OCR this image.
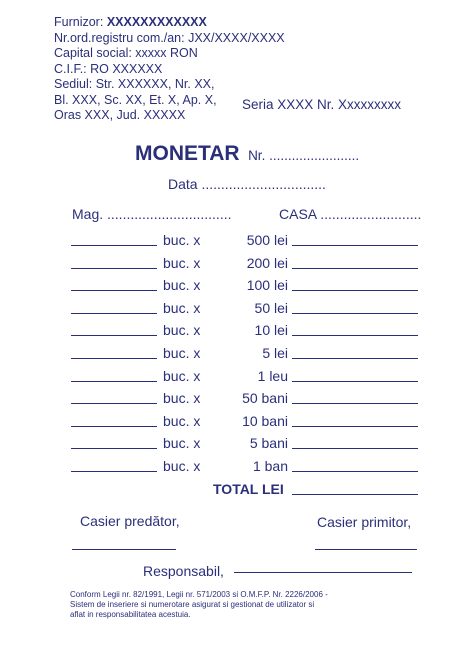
Furnizor: XXXXXXXXXXXX
Nr.ord.registru com./an: JXX/XXXX/XXXX
Capital social: xxxxx RON
C.I.F.: RO XXXXXX
Sediul: Str. XXXXXX, Nr. XX,
Bl. XXX, Sc. XX, Et. X, Ap. X,
Oras XXX, Jud. XXXXX
Seria XXXX Nr. Xxxxxxxxx
MONETAR Nr. ........................
Data ................................
Mag. ................................	CASA ..........................
buc. x	500 lei
buc. x	200 lei
buc. x	100 lei
buc. x	50 lei
buc. x	10 lei
buc. x	5 lei
buc. x	1 leu
buc. x	50 bani
buc. x	10 bani
buc. x	5 bani
buc. x	1 ban
TOTAL LEI
Casier predător,	Casier primitor,
Responsabil,
Conform Legii nr. 82/1991, Legii nr. 571/2003 si O.M.F.P. Nr. 2226/2006 -
Sistem de inseriere si numerotare asigurat si gestionat de utilizator si
aflat in responsabilitatea acestuia.
